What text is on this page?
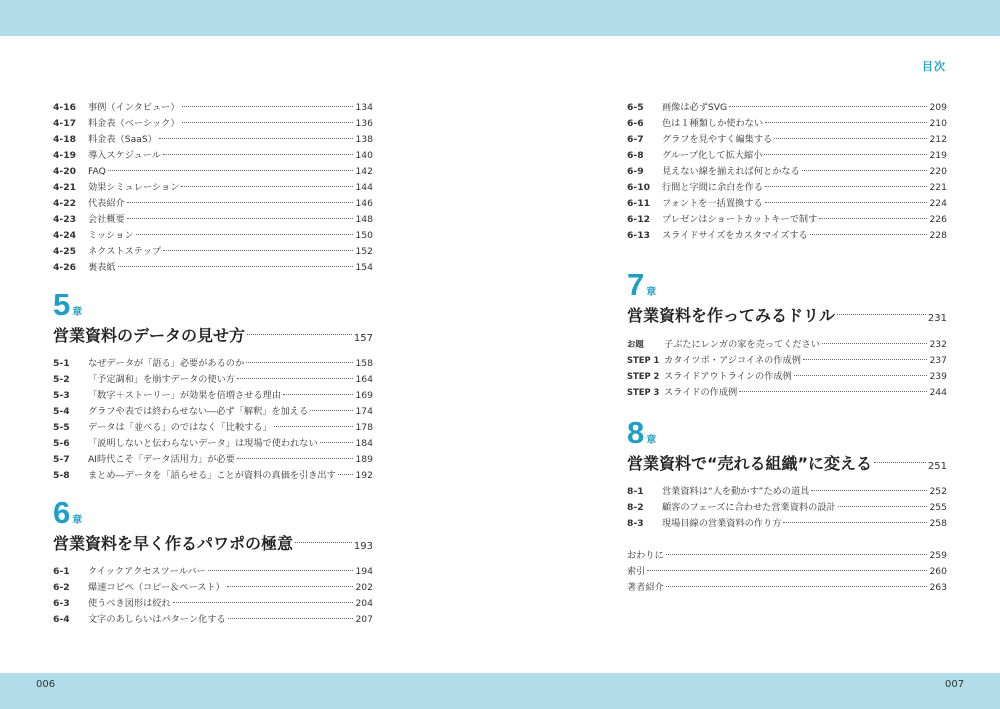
目次
4-16	事例（インタビュー）	134
4-17	料金表（ベーシック）	136
4-18	料金表（SaaS）	138
4-19	導入スケジュール	140
4-20	FAQ	142
4-21	効果シミュレーション	144
4-22	代表紹介	146
4-23	会社概要	148
4-24	ミッション	150
4-25	ネクストステップ	152
4-26	裏表紙	154
5 章
営業資料のデータの見せ方	157
5-1	なぜデータが「語る」必要があるのか	158
5-2	「予定調和」を崩すデータの使い方	164
5-3	「数字＋ストーリー」が効果を倍増させる理由	169
5-4	グラフや表では終わらせない―必ず「解釈」を加える	174
5-5	データは「並べる」のではなく「比較する」	178
5-6	「説明しないと伝わらないデータ」は現場で使われない	184
5-7	AI時代こそ「データ活用力」が必要	189
5-8	まとめ―データを「語らせる」ことが資料の真価を引き出す 192
6 章
営業資料を早く作るパワポの極意	193
6-1	クイックアクセスツールバー	194
6-2	爆速コピペ（コピー＆ペースト）	202
6-3	使うべき図形は絞れ	204
6-4	文字のあしらいはパターン化する	207
6-5	画像は必ずSVG	209
6-6	色は１種類しか使わない	210
6-7	グラフを見やすく編集する	212
6-8	グループ化して拡大縮小	219
6-9	見えない線を揃えれば何とかなる	220
6-10	行間と字間に余白を作る	221
6-11	フォントを一括置換する	224
6-12	プレゼンはショートカットキーで制す	226
6-13	スライドサイズをカスタマイズする	228
7 章
営業資料を作ってみるドリル	231
お題	子ぶたにレンガの家を売ってください	232
STEP 1 カタイツボ・アジコイネの作成例	237
STEP 2 スライドアウトラインの作成例	239
STEP 3 スライドの作成例	244
8 章
営業資料で“売れる組織”に変える	251
8-1	営業資料は“人を動かす”ための道具	252
8-2	顧客のフェーズに合わせた営業資料の設計	255
8-3	現場目線の営業資料の作り方	258
おわりに	259
索引	260
著者紹介	263
006	007
